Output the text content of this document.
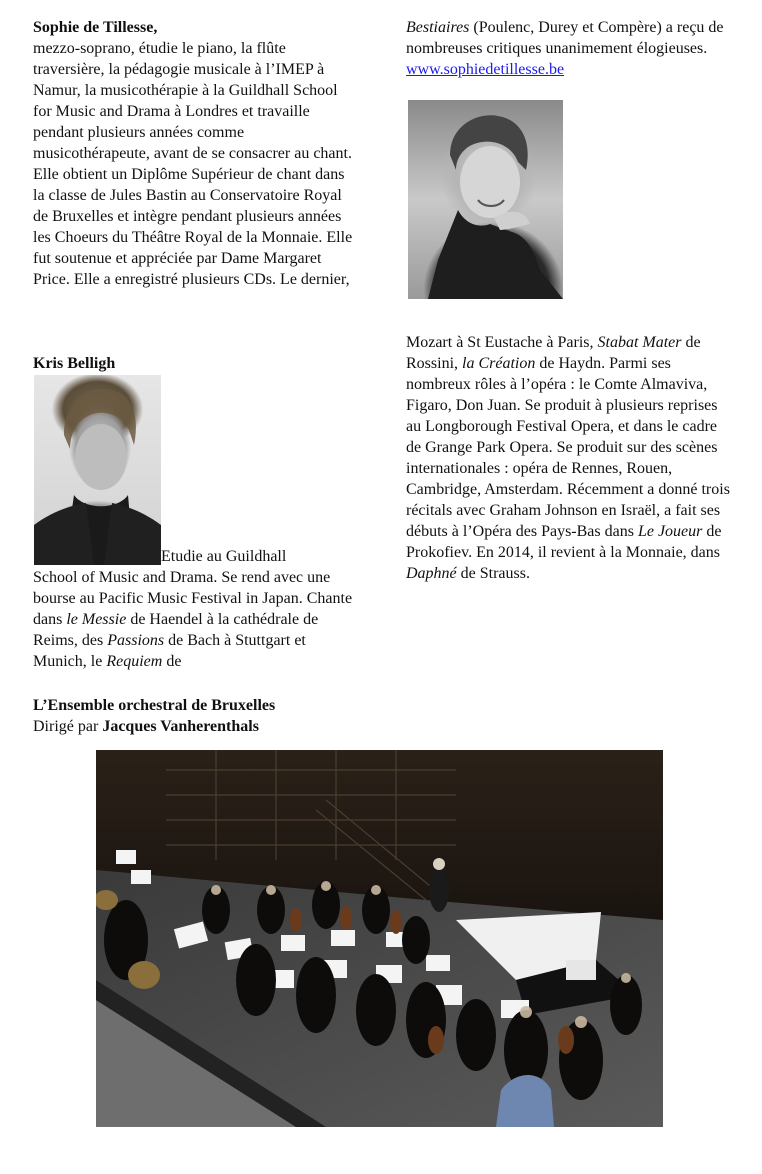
Sophie de Tillesse,

mezzo-soprano, étudie le piano, la flûte traversière, la pédagogie musicale à l’IMEP à Namur, la musicothérapie à la Guildhall School for Music and Drama à Londres et travaille pendant plusieurs années comme musicothérapeute, avant de se consacrer au chant. Elle obtient un Diplôme Supérieur de chant dans la classe de Jules Bastin au Conservatoire Royal de Bruxelles et intègre pendant plusieurs années les Choeurs du Théâtre Royal de la Monnaie. Elle fut soutenue et appréciée par Dame Margaret Price. Elle a enregistré plusieurs CDs. Le dernier,

Kris Belligh
Etudie au Guildhall
School of Music and Drama. Se rend avec une bourse au Pacific Music Festival in Japan. Chante dans le Messie de Haendel à la cathédrale de Reims, des Passions de Bach à Stuttgart et Munich, le Requiem de

Bestiaires (Poulenc, Durey et Compère) a reçu de nombreuses critiques unanimement élogieuses. www.sophiedetillesse.be

Mozart à St Eustache à Paris, Stabat Mater de Rossini, la Création de Haydn. Parmi ses nombreux rôles à l’opéra : le Comte Almaviva, Figaro, Don Juan. Se produit à plusieurs reprises au Longborough Festival Opera, et dans le cadre de Grange Park Opera. Se produit sur des scènes internationales : opéra de Rennes, Rouen, Cambridge, Amsterdam. Récemment a donné trois récitals avec Graham Johnson en Israël, a fait ses débuts à l’Opéra des Pays-Bas dans Le Joueur de Prokofiev. En 2014, il revient à la Monnaie, dans Daphné de Strauss.

L’Ensemble orchestral de Bruxelles

Dirigé par Jacques Vanherenthals
